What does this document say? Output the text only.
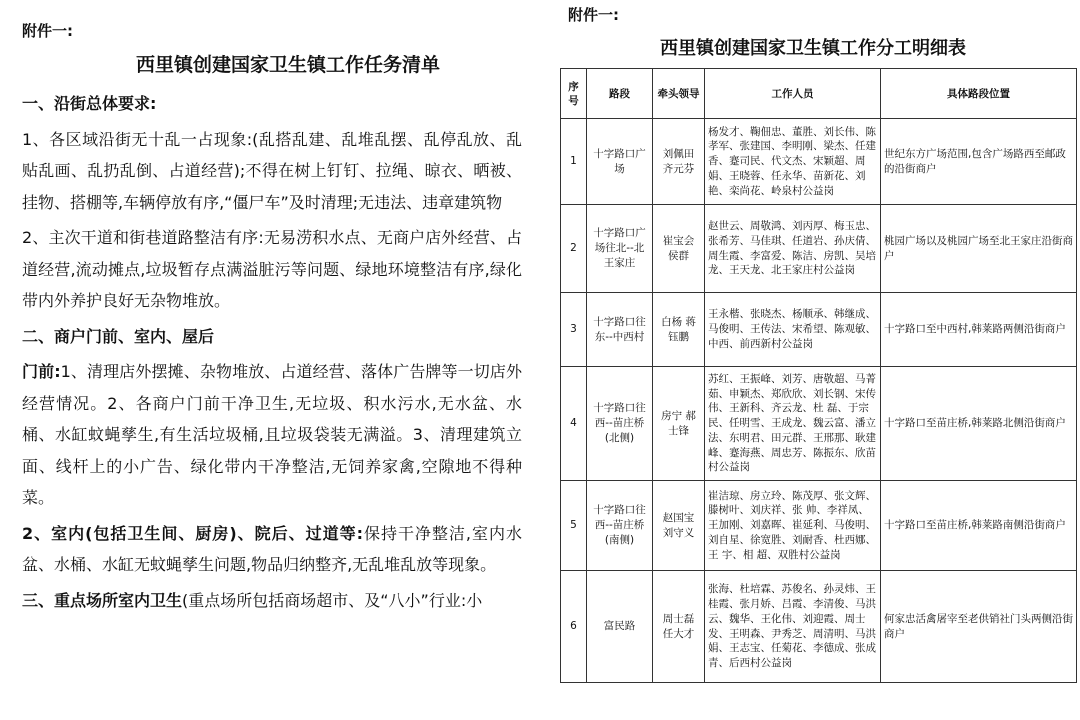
附件一:
西里镇创建国家卫生镇工作任务清单

一、沿街总体要求:

1、各区域沿街无十乱一占现象:(乱搭乱建、乱堆乱摆、乱停乱放、乱贴乱画、乱扔乱倒、占道经营);不得在树上钉钉、拉绳、晾衣、晒被、挂物、搭棚等,车辆停放有序,“僵尸车”及时清理;无违法、违章建筑物

2、主次干道和街巷道路整洁有序:无易涝积水点、无商户店外经营、占道经营,流动摊点,垃圾暂存点满溢脏污等问题、绿地环境整洁有序,绿化带内外养护良好无杂物堆放。

二、商户门前、室内、屋后

门前:1、清理店外摆摊、杂物堆放、占道经营、落体广告牌等一切店外经营情况。2、各商户门前干净卫生,无垃圾、积水污水,无水盆、水桶、水缸蚊蝇孳生,有生活垃圾桶,且垃圾袋装无满溢。3、清理建筑立面、线杆上的小广告、绿化带内干净整洁,无饲养家禽,空隙地不得种菜。

2、室内(包括卫生间、厨房)、院后、过道等:保持干净整洁,室内水盆、水桶、水缸无蚊蝇孳生问题,物品归纳整齐,无乱堆乱放等现象。

三、重点场所室内卫生(重点场所包括商场超市、及“八小”行业:小

附件一:
西里镇创建国家卫生镇工作分工明细表
序号	路段	牵头领导	工作人员	具体路段位置
1	十字路口广场	刘佩田 齐元芬	杨发才、鞠佃忠、董胜、刘长伟、陈孝军、张建国、李明刚、梁杰、任建香、蹇司民、代文杰、宋颖超、周娟、王晓蓉、任永华、苗新花、刘艳、栾尚花、岭泉村公益岗	世纪东方广场范围,包含广场路西至邮政的沿街商户
2	十字路口广场往北--北王家庄	崔宝会 侯群	赵世云、周敬鸿、刘丙厚、梅玉忠、张希芳、马佳琪、任道岩、孙庆倩、周生霞、李富爱、陈洁、房凯、吴培龙、王天龙、北王家庄村公益岗	桃园广场以及桃园广场至北王家庄沿街商户
3	十字路口往东--中西村	白杨 蒋钰鹏	王永楷、张晓杰、杨顺承、韩继成、马俊明、王传法、宋希望、陈观敏、中西、前西新村公益岗	十字路口至中西村,韩莱路两侧沿街商户
4	十字路口往西--苗庄桥(北侧)	房宁 郝士锋	苏红、王振峰、刘芳、唐敬超、马菁茹、申颖杰、郑欣欣、刘长钢、宋传伟、王新科、齐云龙、杜 磊、于宗民、任明雪、王成龙、魏云富、潘立法、东明君、田元群、王邢那、耿建峰、蹇海燕、周忠芳、陈振东、欣苗村公益岗	十字路口至苗庄桥,韩莱路北侧沿街商户
5	十字路口往西--苗庄桥(南侧)	赵国宝 刘守义	崔洁琼、房立玲、陈茂厚、张文辉、滕树叶、刘庆祥、张 帅、李祥凤、王加刚、刘嘉晖、崔延利、马俊明、刘自星、徐宽胜、刘耐香、杜西娜、王 宇、相 超、双胜村公益岗	十字路口至苗庄桥,韩莱路南侧沿街商户
6	富民路	周士磊 任大才	张海、杜培霖、苏俊名、孙灵炜、王桂霞、张月娇、吕霞、李清俊、马洪云、魏华、王化伟、刘迎霞、周士发、王明森、尹秀芝、周清明、马洪娟、王志宝、任菊花、李德成、张成青、后西村公益岗	何家忠活禽屠宰至老供销社门头两侧沿街商户
